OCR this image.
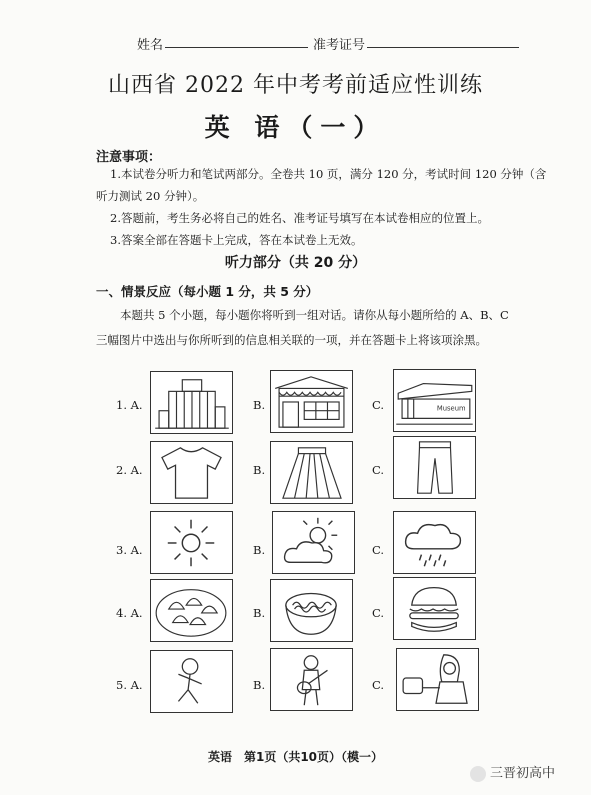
姓名	准考证号
山西省 2022 年中考考前适应性训练
英 语（一）
注意事项：
1.本试卷分听力和笔试两部分。全卷共 10 页，满分 120 分，考试时间 120 分钟（含
听力测试 20 分钟）。
2.答题前，考生务必将自己的姓名、准考证号填写在本试卷相应的位置上。
3.答案全部在答题卡上完成，答在本试卷上无效。
听力部分（共 20 分）
一、情景反应（每小题 1 分，共 5 分）
本题共 5 个小题，每小题你将听到一组对话。请你从每小题所给的 A、B、C
三幅图片中选出与你所听到的信息相关联的一项，并在答题卡上将该项涂黑。
1. A.	B.	C.	Museum
2. A.	B.	C.
3. A.	B.	C.
4. A.	B.	C.
5. A.	B.	C.
英语　第1页（共10页）（模一）
三晋初高中
